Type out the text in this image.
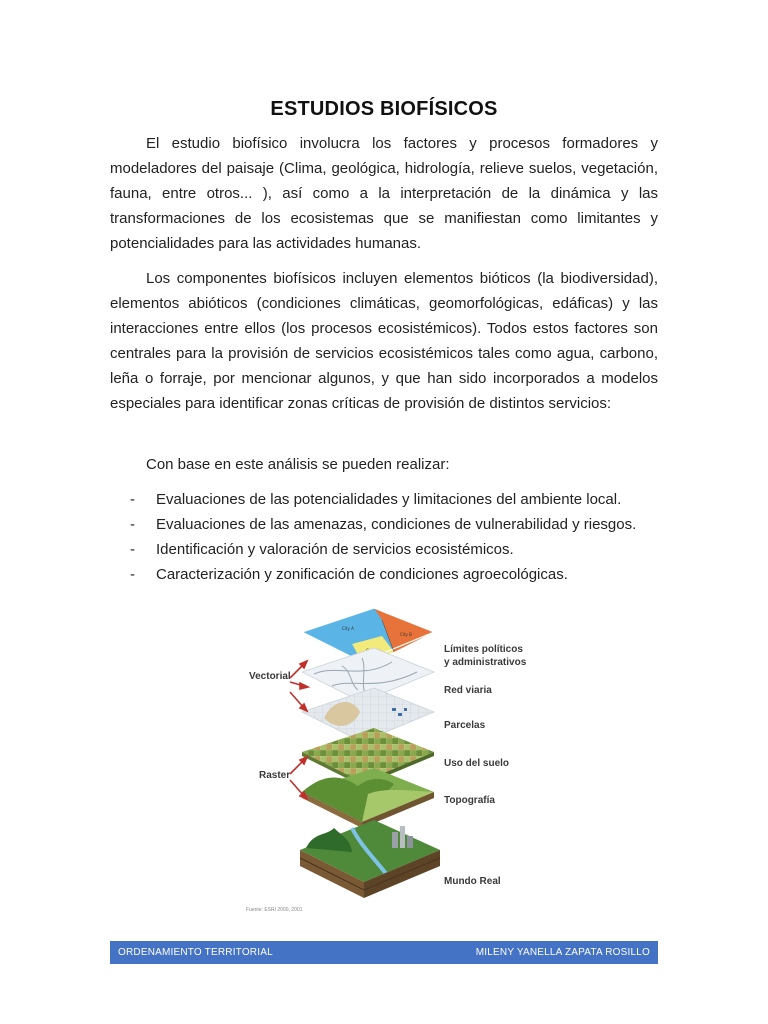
ESTUDIOS BIOFÍSICOS

El estudio biofísico involucra los factores y procesos formadores y modeladores del paisaje (Clima, geológica, hidrología, relieve suelos, vegetación, fauna, entre otros... ), así como a la interpretación de la dinámica y las transformaciones de los ecosistemas que se manifiestan como limitantes y potencialidades para las actividades humanas.

Los componentes biofísicos incluyen elementos bióticos (la biodiversidad), elementos abióticos (condiciones climáticas, geomorfológicas, edáficas) y las interacciones entre ellos (los procesos ecosistémicos). Todos estos factores son centrales para la provisión de servicios ecosistémicos tales como agua, carbono, leña o forraje, por mencionar algunos, y que han sido incorporados a modelos especiales para identificar zonas críticas de provisión de distintos servicios:

Con base en este análisis se pueden realizar:

- Evaluaciones de las potencialidades y limitaciones del ambiente local.
- Evaluaciones de las amenazas, condiciones de vulnerabilidad y riesgos.
- Identificación y valoración de servicios ecosistémicos.
- Caracterización y zonificación de condiciones agroecológicas.
City A
City B
Vectorial
Raster
Límites políticos
y administrativos
Red viaria
Parcelas
Uso del suelo
Topografía
Mundo Real
Fuente: ESRI 2000, 2001
ORDENAMIENTO TERRITORIAL	MILENY YANELLA ZAPATA ROSILLO
